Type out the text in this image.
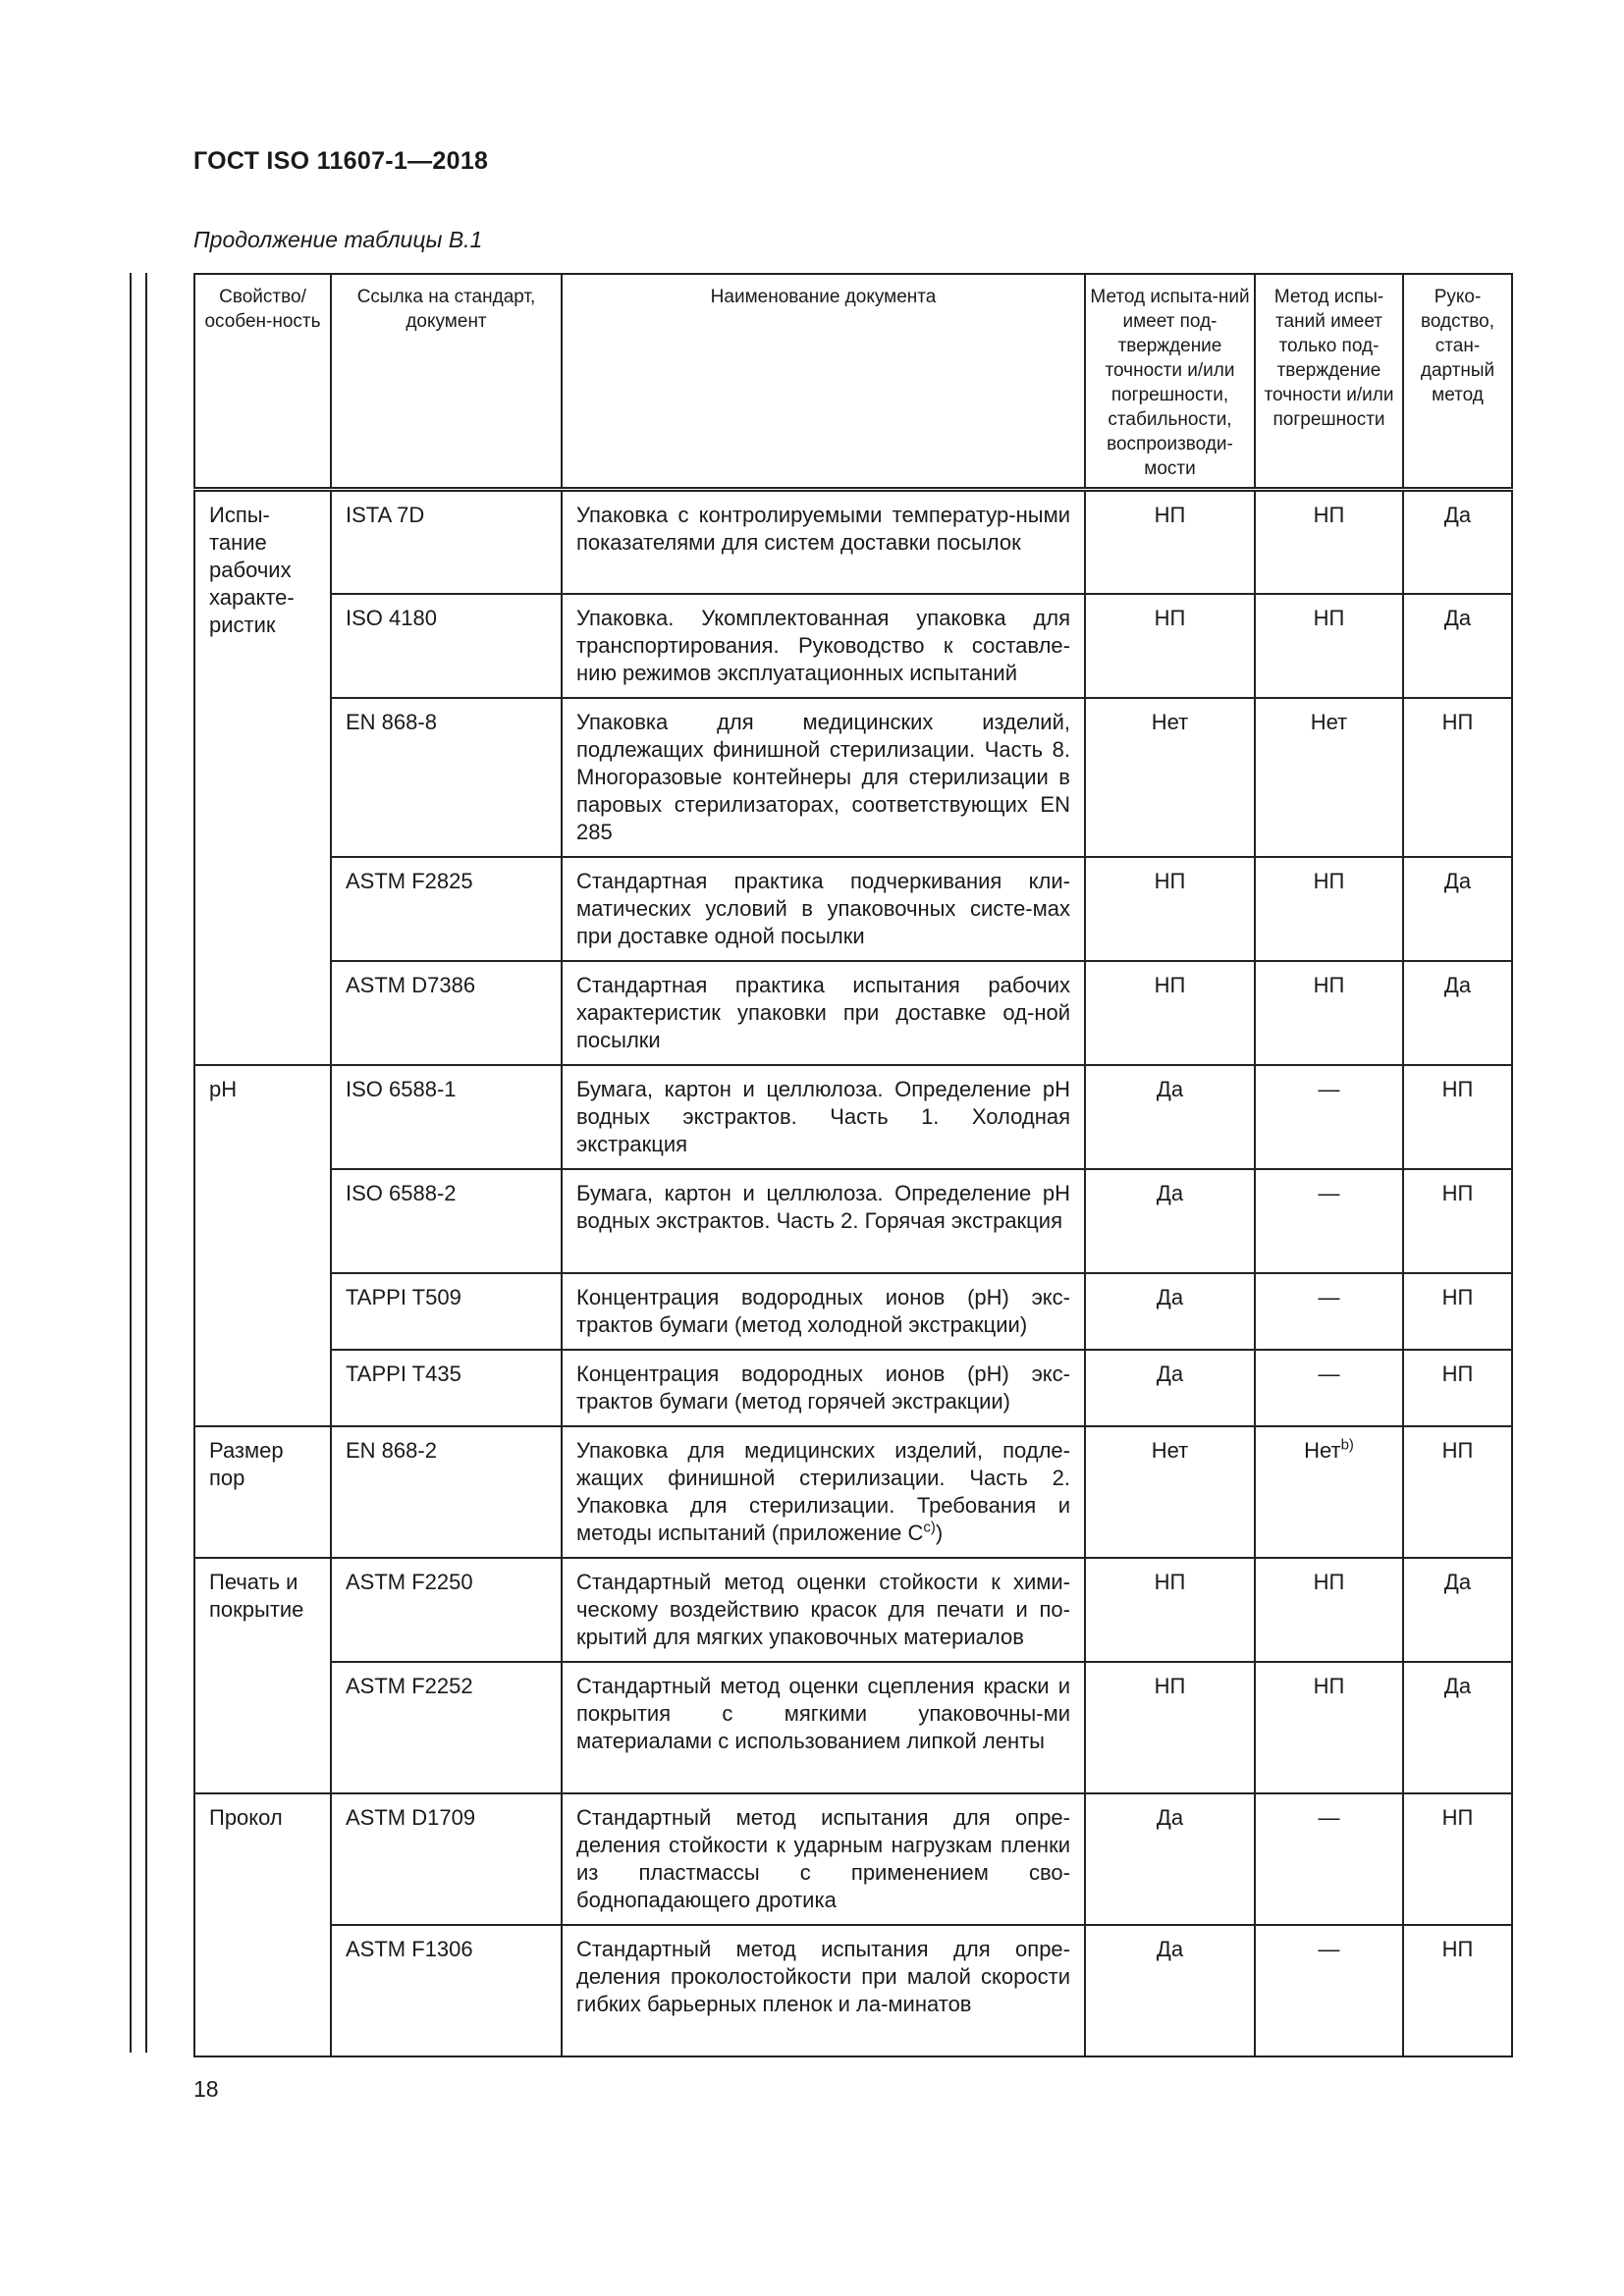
ГОСТ ISO 11607-1—2018
Продолжение таблицы В.1
Свойство/ особен-ность	Ссылка на стандарт, документ	Наименование документа	Метод испыта-ний имеет под-тверждение точности и/или погрешности, стабильности, воспроизводи-мости	Метод испы-таний имеет только под-тверждение точности и/или погрешности	Руко-водство, стан-дартный метод
Испы-тание рабочих характе-ристик	ISTA 7D	Упаковка с контролируемыми температур-ными показателями для систем доставки посылок	НП	НП	Да
	ISO 4180	Упаковка. Укомплектованная упаковка для транспортирования. Руководство к составле-нию режимов эксплуатационных испытаний	НП	НП	Да
	EN 868-8	Упаковка для медицинских изделий, подлежащих финишной стерилизации. Часть 8. Многоразовые контейнеры для стерилизации в паровых стерилизаторах, соответствующих EN 285	Нет	Нет	НП
	ASTM F2825	Стандартная практика подчеркивания кли-матических условий в упаковочных систе-мах при доставке одной посылки	НП	НП	Да
	ASTM D7386	Стандартная практика испытания рабочих характеристик упаковки при доставке од-ной посылки	НП	НП	Да
pH	ISO 6588-1	Бумага, картон и целлюлоза. Определение pH водных экстрактов. Часть 1. Холодная экстракция	Да	—	НП
	ISO 6588-2	Бумага, картон и целлюлоза. Определение pH водных экстрактов. Часть 2. Горячая экстракция	Да	—	НП
	TAPPI T509	Концентрация водородных ионов (pH) экс-трактов бумаги (метод холодной экстракции)	Да	—	НП
	TAPPI T435	Концентрация водородных ионов (pH) экс-трактов бумаги (метод горячей экстракции)	Да	—	НП
Размер пор	EN 868-2	Упаковка для медицинских изделий, подле-жащих финишной стерилизации. Часть 2. Упаковка для стерилизации. Требования и методы испытаний (приложение $С^{с)}$)	Нет	Нет$^{b)}$	НП
Печать и покрытие	ASTM F2250	Стандартный метод оценки стойкости к хими-ческому воздействию красок для печати и по-крытий для мягких упаковочных материалов	НП	НП	Да
	ASTM F2252	Стандартный метод оценки сцепления краски и покрытия с мягкими упаковочны-ми материалами с использованием липкой ленты	НП	НП	Да
Прокол	ASTM D1709	Стандартный метод испытания для опре-деления стойкости к ударным нагрузкам пленки из пластмассы с применением сво-боднопадающего дротика	Да	—	НП
	ASTM F1306	Стандартный метод испытания для опре-деления проколостойкости при малой скорости гибких барьерных пленок и ла-минатов	Да	—	НП
18
